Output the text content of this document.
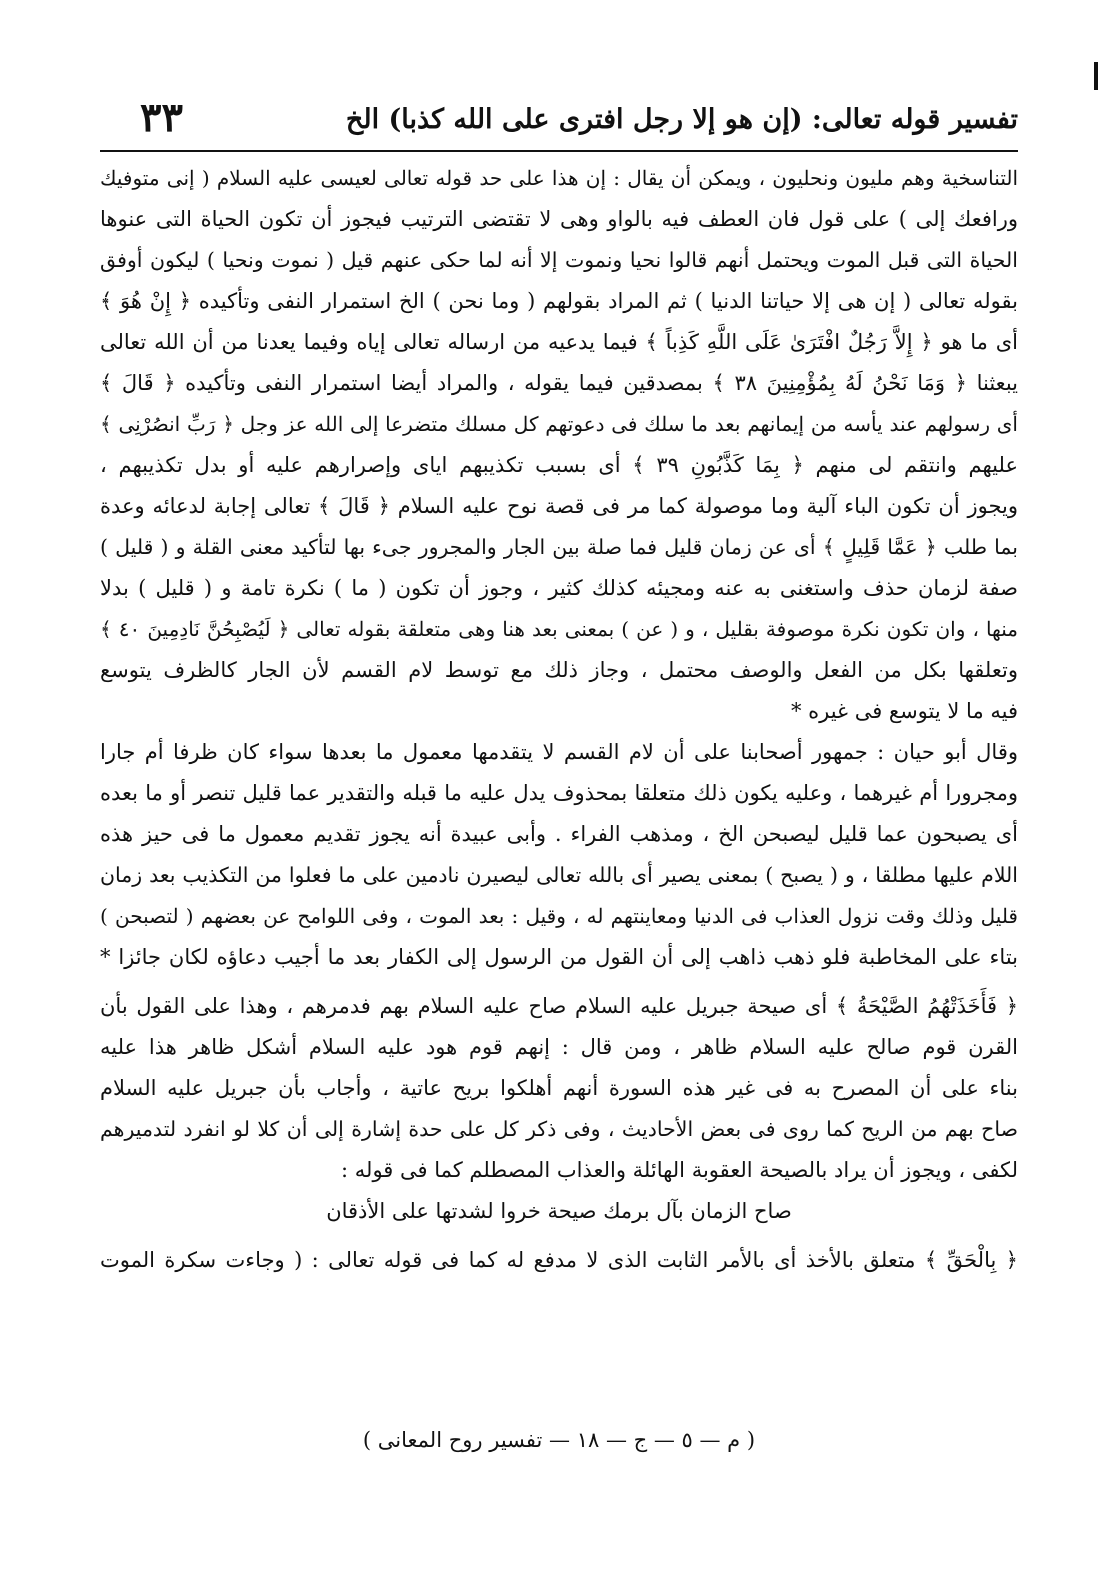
تفسير قوله تعالى: (إن هو إلا رجل افترى على الله كذبا) الخ
٣٣
التناسخية وهم مليون ونحليون ، ويمكن أن يقال : إن هذا على حد قوله تعالى لعيسى عليه السلام ( إنى متوفيك
ورافعك إلى ) على قول فان العطف فيه بالواو وهى لا تقتضى الترتيب فيجوز أن تكون الحياة التى عنوها
الحياة التى قبل الموت ويحتمل أنهم قالوا نحيا ونموت إلا أنه لما حكى عنهم قيل ( نموت ونحيا ) ليكون أوفق
بقوله تعالى ( إن هى إلا حياتنا الدنيا ) ثم المراد بقولهم ( وما نحن ) الخ استمرار النفى وتأكيده ﴿ إِنْ هُوَ ﴾
أى ما هو ﴿ إِلاَّ رَجُلٌ افْتَرَىٰ عَلَى اللَّهِ كَذِباً ﴾ فيما يدعيه من ارساله تعالى إياه وفيما يعدنا من أن الله تعالى
يبعثنا ﴿ وَمَا نَحْنُ لَهُ بِمُؤْمِنِينَ ٣٨ ﴾ بمصدقين فيما يقوله ، والمراد أيضا استمرار النفى وتأكيده ﴿ قَالَ ﴾
أى رسولهم عند يأسه من إيمانهم بعد ما سلك فى دعوتهم كل مسلك متضرعا إلى الله عز وجل ﴿ رَبِّ انصُرْنِى ﴾
عليهم وانتقم لى منهم ﴿ بِمَا كَذَّبُونِ ٣٩ ﴾ أى بسبب تكذيبهم اياى وإصرارهم عليه أو بدل تكذيبهم ،
ويجوز أن تكون الباء آلية وما موصولة كما مر فى قصة نوح عليه السلام ﴿ قَالَ ﴾ تعالى إجابة لدعائه وعدة
بما طلب ﴿ عَمَّا قَلِيلٍ ﴾ أى عن زمان قليل فما صلة بين الجار والمجرور جىء بها لتأكيد معنى القلة و ( قليل )
صفة لزمان حذف واستغنى به عنه ومجيئه كذلك كثير ، وجوز أن تكون ( ما ) نكرة تامة و ( قليل ) بدلا
منها ، وان تكون نكرة موصوفة بقليل ، و ( عن ) بمعنى بعد هنا وهى متعلقة بقوله تعالى ﴿ لَيُصْبِحُنَّ نَادِمِينَ ٤٠ ﴾
وتعلقها بكل من الفعل والوصف محتمل ، وجاز ذلك مع توسط لام القسم لأن الجار كالظرف يتوسع
فيه ما لا يتوسع فى غيره *
وقال أبو حيان : جمهور أصحابنا على أن لام القسم لا يتقدمها معمول ما بعدها سواء كان ظرفا أم جارا
ومجرورا أم غيرهما ، وعليه يكون ذلك متعلقا بمحذوف يدل عليه ما قبله والتقدير عما قليل تنصر أو ما بعده
أى يصبحون عما قليل ليصبحن الخ ، ومذهب الفراء . وأبى عبيدة أنه يجوز تقديم معمول ما فى حيز هذه
اللام عليها مطلقا ، و ( يصبح ) بمعنى يصير أى بالله تعالى ليصيرن نادمين على ما فعلوا من التكذيب بعد زمان
قليل وذلك وقت نزول العذاب فى الدنيا ومعاينتهم له ، وقيل : بعد الموت ، وفى اللوامح عن بعضهم ( لتصبحن )
بتاء على المخاطبة فلو ذهب ذاهب إلى أن القول من الرسول إلى الكفار بعد ما أجيب دعاؤه لكان جائزا *
﴿ فَأَخَذَتْهُمُ الصَّيْحَةُ ﴾ أى صيحة جبريل عليه السلام صاح عليه السلام بهم فدمرهم ، وهذا على القول بأن
القرن قوم صالح عليه السلام ظاهر ، ومن قال : إنهم قوم هود عليه السلام أشكل ظاهر هذا عليه
بناء على أن المصرح به فى غير هذه السورة أنهم أهلكوا بريح عاتية ، وأجاب بأن جبريل عليه السلام
صاح بهم من الريح كما روى فى بعض الأحاديث ، وفى ذكر كل على حدة إشارة إلى أن كلا لو انفرد لتدميرهم
لكفى ، ويجوز أن يراد بالصيحة العقوبة الهائلة والعذاب المصطلم كما فى قوله :
صاح الزمان بآل برمك صيحة خروا لشدتها على الأذقان
﴿ بِالْحَقِّ ﴾ متعلق بالأخذ أى بالأمر الثابت الذى لا مدفع له كما فى قوله تعالى : ( وجاءت سكرة الموت
( م — ٥ — ج — ١٨ — تفسير روح المعانى )
